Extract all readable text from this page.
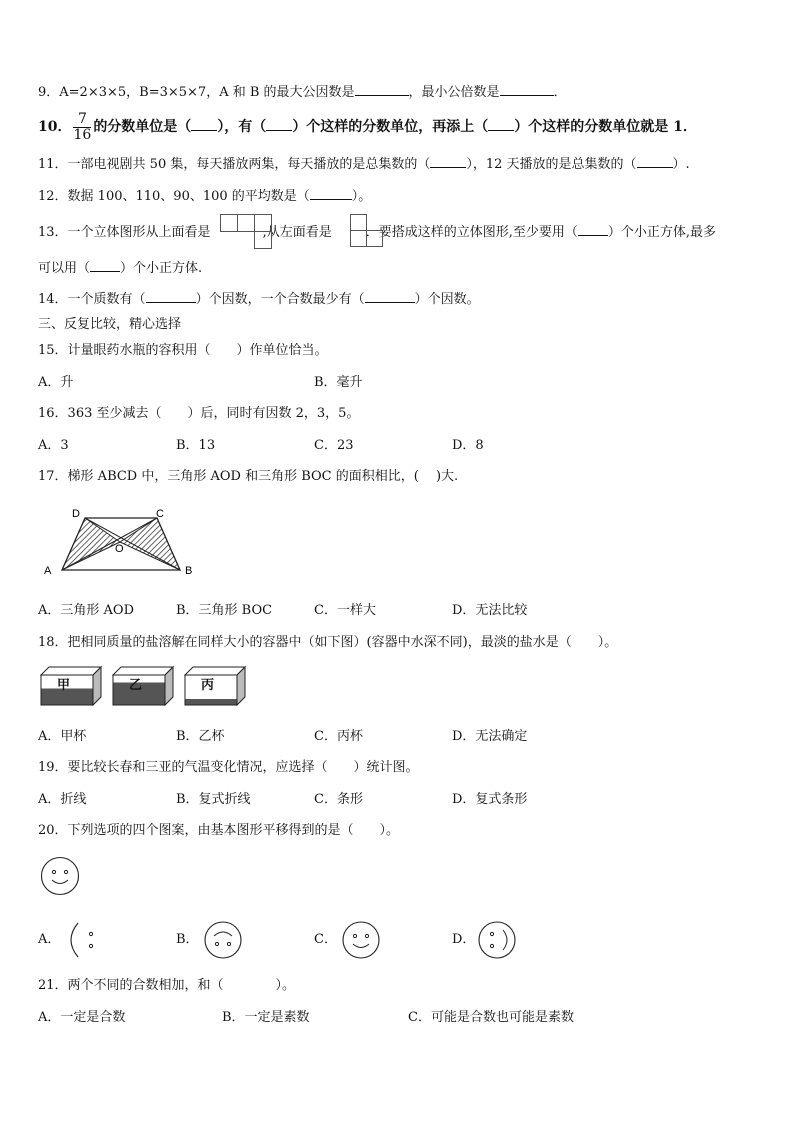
9．A=2×3×5，B=3×5×7，A 和 B 的最大公因数是	，最小公倍数是	．
10． $\frac{7}{16}$ 的分数单位是（ ），有（ ）个这样的分数单位，再添上（ ）个这样的分数单位就是 1．
11．一部电视剧共 50 集，每天播放两集，每天播放的是总集数的（	），12 天播放的是总集数的（	）.
12．数据 100、110、90、100 的平均数是（	）。
13．一个立体图形从上面看是	,从左面看是	．要搭成这样的立体图形,至少要用（ ）个小正方体,最多
可以用（ ）个小正方体.
14．一个质数有（	）个因数，一个合数最少有（	）个因数。
三、反复比较，精心选择
15．计量眼药水瓶的容积用（　　）作单位恰当。
A．升	B．毫升
16．363 至少减去（　　）后，同时有因数 2，3，5。
A．3	B．13	C．23	D．8
17．梯形 ABCD 中，三角形 AOD 和三角形 BOC 的面积相比，(　 )大.
D	C
O
A	B
A．三角形 AOD	B．三角形 BOC	C．一样大	D．无法比较
18．把相同质量的盐溶解在同样大小的容器中（如下图）(容器中水深不同)，最淡的盐水是（　　）。
甲	乙	丙
A．甲杯	B．乙杯	C．丙杯	D．无法确定
19．要比较长春和三亚的气温变化情况，应选择（　　）统计图。
A．折线	B．复式折线	C．条形	D．复式条形
20．下列选项的四个图案，由基本图形平移得到的是（　　）。
A．	B．	C．	D．
21．两个不同的合数相加，和（　　　　）。
A．一定是合数	B．一定是素数	C．可能是合数也可能是素数
